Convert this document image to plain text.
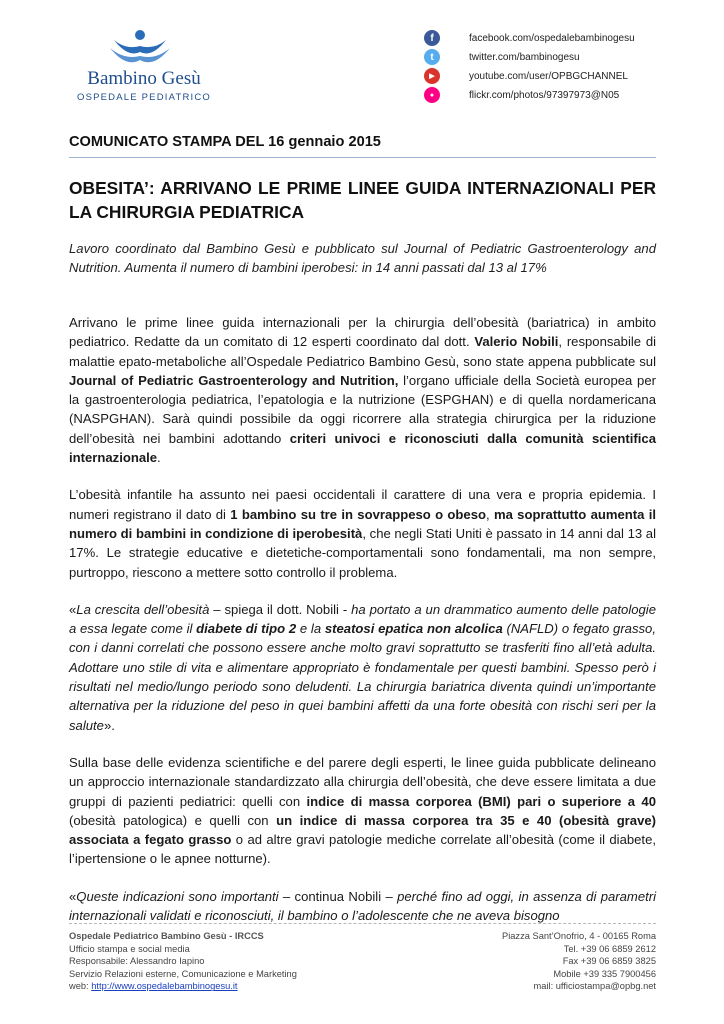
Bambino Gesù
OSPEDALE PEDIATRICO
f	facebook.com/ospedalebambinogesu
t	twitter.com/bambinogesu
▶	youtube.com/user/OPBGCHANNEL
●	flickr.com/photos/97397973@N05
COMUNICATO STAMPA DEL 16 gennaio 2015
OBESITA’: ARRIVANO LE PRIME LINEE GUIDA INTERNAZIONALI PER LA CHIRURGIA PEDIATRICA
Lavoro coordinato dal Bambino Gesù e pubblicato sul Journal of Pediatric Gastroenterology and Nutrition. Aumenta il numero di bambini iperobesi: in 14 anni passati dal 13 al 17%

Arrivano le prime linee guida internazionali per la chirurgia dell’obesità (bariatrica) in ambito pediatrico. Redatte da un comitato di 12 esperti coordinato dal dott. Valerio Nobili, responsabile di malattie epato-metaboliche all’Ospedale Pediatrico Bambino Gesù, sono state appena pubblicate sul Journal of Pediatric Gastroenterology and Nutrition, l’organo ufficiale della Società europea per la gastroenterologia pediatrica, l’epatologia e la nutrizione (ESPGHAN) e di quella nordamericana (NASPGHAN). Sarà quindi possibile da oggi ricorrere alla strategia chirurgica per la riduzione dell’obesità nei bambini adottando criteri univoci e riconosciuti dalla comunità scientifica internazionale.

L’obesità infantile ha assunto nei paesi occidentali il carattere di una vera e propria epidemia. I numeri registrano il dato di 1 bambino su tre in sovrappeso o obeso, ma soprattutto aumenta il numero di bambini in condizione di iperobesità, che negli Stati Uniti è passato in 14 anni dal 13 al 17%. Le strategie educative e dietetiche-comportamentali sono fondamentali, ma non sempre, purtroppo, riescono a mettere sotto controllo il problema.

«La crescita dell’obesità – spiega il dott. Nobili - ha portato a un drammatico aumento delle patologie a essa legate come il diabete di tipo 2 e la steatosi epatica non alcolica (NAFLD) o fegato grasso, con i danni correlati che possono essere anche molto gravi soprattutto se trasferiti fino all’età adulta. Adottare uno stile di vita e alimentare appropriato è fondamentale per questi bambini. Spesso però i risultati nel medio/lungo periodo sono deludenti. La chirurgia bariatrica diventa quindi un’importante alternativa per la riduzione del peso in quei bambini affetti da una forte obesità con rischi seri per la salute».

Sulla base delle evidenza scientifiche e del parere degli esperti, le linee guida pubblicate delineano un approccio internazionale standardizzato alla chirurgia dell’obesità, che deve essere limitata a due gruppi di pazienti pediatrici: quelli con indice di massa corporea (BMI) pari o superiore a 40 (obesità patologica) e quelli con un indice di massa corporea tra 35 e 40 (obesità grave) associata a fegato grasso o ad altre gravi patologie mediche correlate all’obesità (come il diabete, l’ipertensione o le apnee notturne).

«Queste indicazioni sono importanti – continua Nobili – perché fino ad oggi, in assenza di parametri internazionali validati e riconosciuti, il bambino o l’adolescente che ne aveva bisogno

Ospedale Pediatrico Bambino Gesù - IRCCS
Ufficio stampa e social media
Responsabile: Alessandro Iapino
Servizio Relazioni esterne, Comunicazione e Marketing
web: http://www.ospedalebambinogesu.it
Piazza Sant’Onofrio, 4 - 00165 Roma
Tel. +39 06 6859 2612
Fax +39 06 6859 3825
Mobile +39 335 7900456
mail: ufficiostampa@opbg.net
